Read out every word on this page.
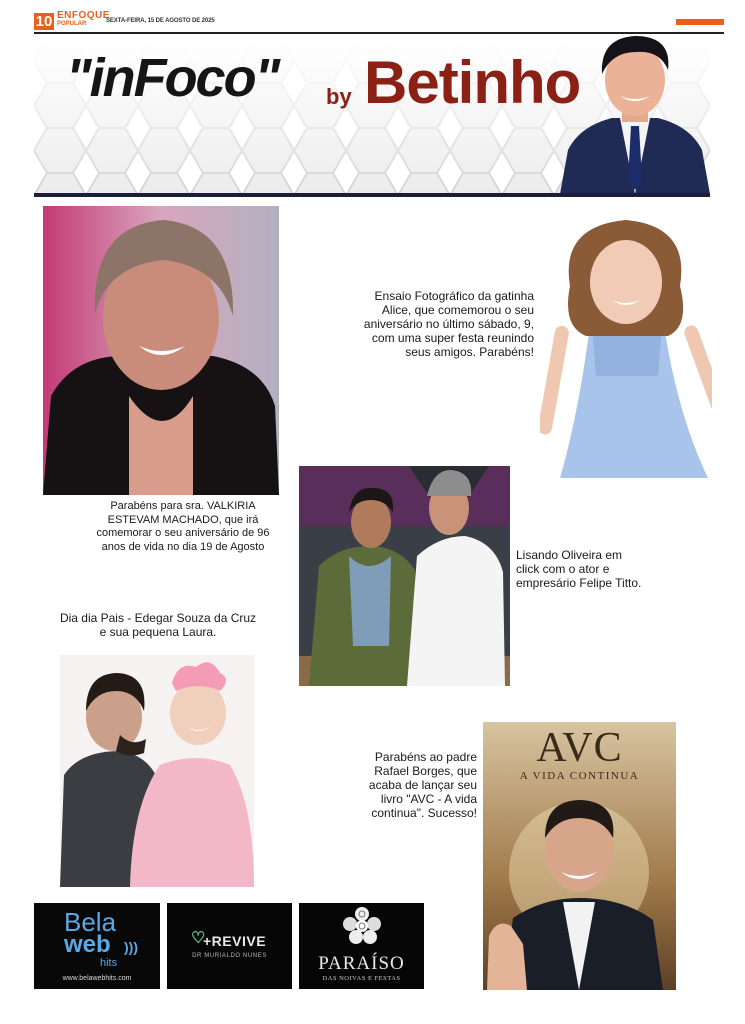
10 ENFOQUE
POPULAR	SEXTA-FEIRA, 15 DE AGOSTO DE 2025
"inFoco" by Betinho
Parabéns para sra. VALKIRIA ESTEVAM MACHADO, que irá comemorar o seu aniversário de 96 anos de vida no dia 19 de Agosto
Ensaio Fotográfico da gatinha Alice, que comemorou o seu aniversário no último sábado, 9, com uma super festa reunindo seus amigos. Parabéns!
Lisando Oliveira em click com o ator e empresário Felipe Titto.
Dia dia Pais - Edegar Souza da Cruz e sua pequena Laura.
Parabéns ao padre Rafael Borges, que acaba de lançar seu livro "AVC - A vida continua". Sucesso!
AVC
A VIDA CONTINUA
Bela
web )))
hits
www.belawebhits.com
♡
+REVIVE
DR MURIALDO NUNES	PARAÍSO
DAS NOIVAS E FESTAS
